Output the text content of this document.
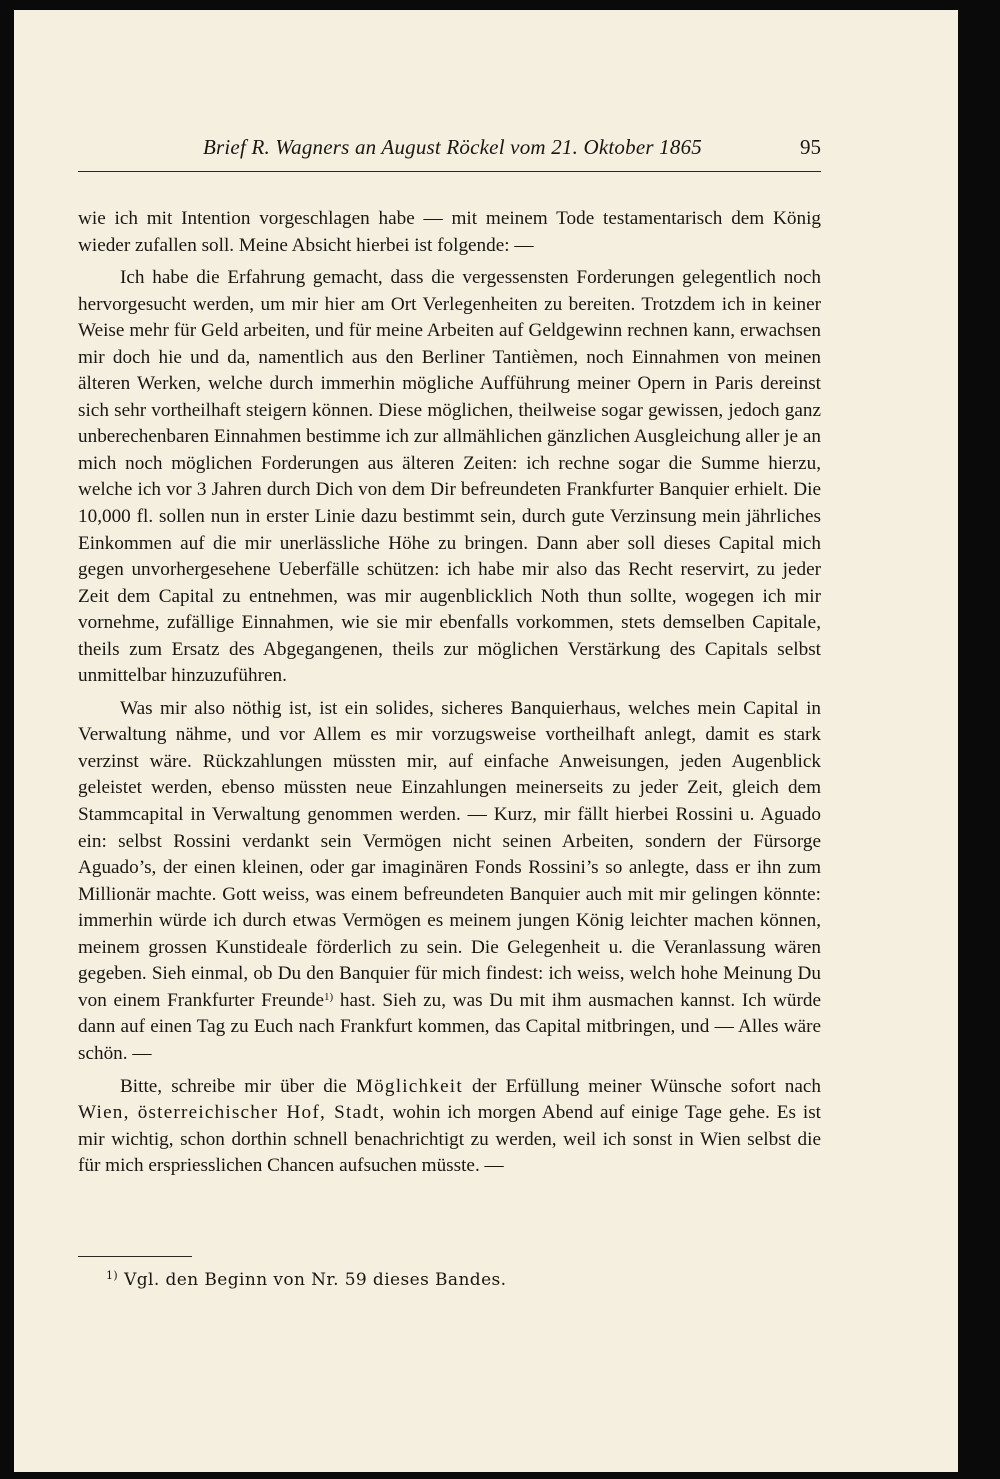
Brief R. Wagners an August Röckel vom 21. Oktober 1865	95

wie ich mit Intention vorgeschlagen habe — mit meinem Tode testamentarisch dem König wieder zufallen soll. Meine Absicht hierbei ist folgende: —

Ich habe die Erfahrung gemacht, dass die vergessensten Forderungen gelegentlich noch hervorgesucht werden, um mir hier am Ort Verlegenheiten zu bereiten. Trotzdem ich in keiner Weise mehr für Geld arbeiten, und für meine Arbeiten auf Geldgewinn rechnen kann, erwachsen mir doch hie und da, namentlich aus den Berliner Tantièmen, noch Einnahmen von meinen älteren Werken, welche durch immerhin mögliche Aufführung meiner Opern in Paris dereinst sich sehr vortheilhaft steigern können. Diese möglichen, theilweise sogar gewissen, jedoch ganz unberechenbaren Einnahmen bestimme ich zur allmählichen gänzlichen Ausgleichung aller je an mich noch möglichen Forderungen aus älteren Zeiten: ich rechne sogar die Summe hierzu, welche ich vor 3 Jahren durch Dich von dem Dir befreundeten Frankfurter Banquier erhielt. Die 10,000 fl. sollen nun in erster Linie dazu bestimmt sein, durch gute Verzinsung mein jährliches Einkommen auf die mir unerlässliche Höhe zu bringen. Dann aber soll dieses Capital mich gegen unvorhergesehene Ueberfälle schützen: ich habe mir also das Recht reservirt, zu jeder Zeit dem Capital zu entnehmen, was mir augenblicklich Noth thun sollte, wogegen ich mir vornehme, zufällige Einnahmen, wie sie mir ebenfalls vorkommen, stets demselben Capitale, theils zum Ersatz des Abgegangenen, theils zur möglichen Verstärkung des Capitals selbst unmittelbar hinzuzuführen.

Was mir also nöthig ist, ist ein solides, sicheres Banquierhaus, welches mein Capital in Verwaltung nähme, und vor Allem es mir vorzugsweise vortheilhaft anlegt, damit es stark verzinst wäre. Rückzahlungen müssten mir, auf einfache Anweisungen, jeden Augenblick geleistet werden, ebenso müssten neue Einzahlungen meinerseits zu jeder Zeit, gleich dem Stammcapital in Verwaltung genommen werden. — Kurz, mir fällt hierbei Rossini u. Aguado ein: selbst Rossini verdankt sein Vermögen nicht seinen Arbeiten, sondern der Fürsorge Aguado’s, der einen kleinen, oder gar imaginären Fonds Rossini’s so anlegte, dass er ihn zum Millionär machte. Gott weiss, was einem befreundeten Banquier auch mit mir gelingen könnte: immerhin würde ich durch etwas Vermögen es meinem jungen König leichter machen können, meinem grossen Kunstideale förderlich zu sein. Die Gelegenheit u. die Veranlassung wären gegeben. Sieh einmal, ob Du den Banquier für mich findest: ich weiss, welch hohe Meinung Du von einem Frankfurter Freunde$^{1)}$ hast. Sieh zu, was Du mit ihm ausmachen kannst. Ich würde dann auf einen Tag zu Euch nach Frankfurt kommen, das Capital mitbringen, und — Alles wäre schön. —

Bitte, schreibe mir über die Möglichkeit der Erfüllung meiner Wünsche sofort nach Wien, österreichischer Hof, Stadt, wohin ich morgen Abend auf einige Tage gehe. Es ist mir wichtig, schon dorthin schnell benachrichtigt zu werden, weil ich sonst in Wien selbst die für mich erspriesslichen Chancen aufsuchen müsste. —

$^{1)}$ Vgl. den Beginn von Nr. 59 dieses Bandes.
